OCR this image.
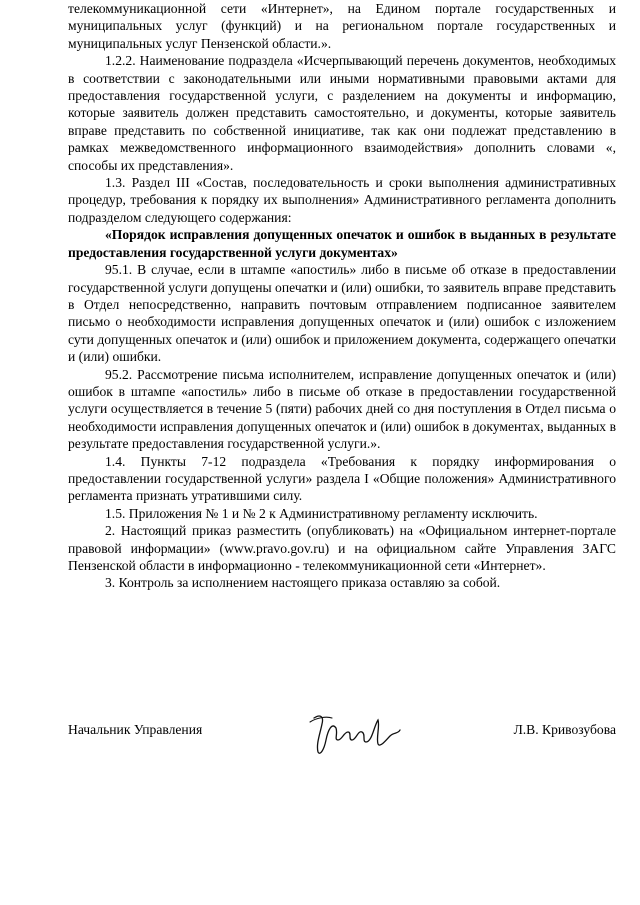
телекоммуникационной сети «Интернет», на Едином портале государственных и муниципальных услуг (функций) и на региональном портале государственных и муниципальных услуг Пензенской области.».

1.2.2. Наименование подраздела «Исчерпывающий перечень документов, необходимых в соответствии с законодательными или иными нормативными правовыми актами для предоставления государственной услуги, с разделением на документы и информацию, которые заявитель должен представить самостоятельно, и документы, которые заявитель вправе представить по собственной инициативе, так как они подлежат представлению в рамках межведомственного информационного взаимодействия» дополнить словами «, способы их представления».

1.3. Раздел III «Состав, последовательность и сроки выполнения административных процедур, требования к порядку их выполнения» Административного регламента дополнить подразделом следующего содержания:

«Порядок исправления допущенных опечаток и ошибок в выданных в результате предоставления государственной услуги документах»

95.1. В случае, если в штампе «апостиль» либо в письме об отказе в предоставлении государственной услуги допущены опечатки и (или) ошибки, то заявитель вправе представить в Отдел непосредственно, направить почтовым отправлением подписанное заявителем письмо о необходимости исправления допущенных опечаток и (или) ошибок с изложением сути допущенных опечаток и (или) ошибок и приложением документа, содержащего опечатки и (или) ошибки.

95.2. Рассмотрение письма исполнителем, исправление допущенных опечаток и (или) ошибок в штампе «апостиль» либо в письме об отказе в предоставлении государственной услуги осуществляется в течение 5 (пяти) рабочих дней со дня поступления в Отдел письма о необходимости исправления допущенных опечаток и (или) ошибок в документах, выданных в результате предоставления государственной услуги.».

1.4. Пункты 7-12 подраздела «Требования к порядку информирования о предоставлении государственной услуги» раздела I «Общие положения» Административного регламента признать утратившими силу.

1.5. Приложения № 1 и № 2 к Административному регламенту исключить.

2. Настоящий приказ разместить (опубликовать) на «Официальном интернет-портале правовой информации» (www.pravo.gov.ru) и на официальном сайте Управления ЗАГС Пензенской области в информационно - телекоммуникационной сети «Интернет».

3. Контроль за исполнением настоящего приказа оставляю за собой.

Начальник Управления	Л.В. Кривозубова
